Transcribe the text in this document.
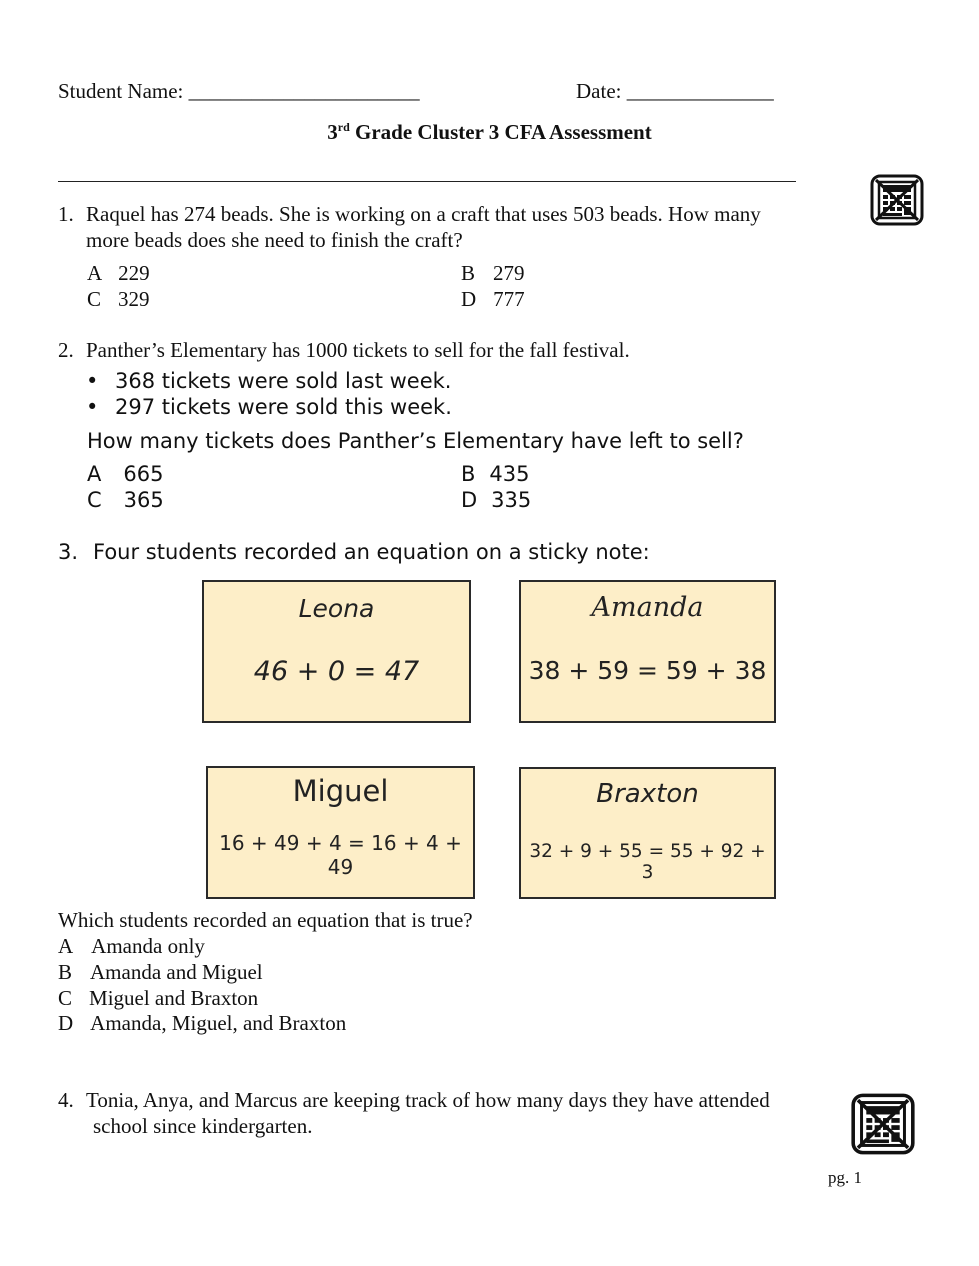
Student Name: ______________________	Date: ______________
3rd Grade Cluster 3 CFA Assessment
1. Raquel has 274 beads. She is working on a craft that uses 503 beads. How many
more beads does she need to finish the craft?
A 229	B 279
C 329	D 777
2. Panther’s Elementary has 1000 tickets to sell for the fall festival.
• 368 tickets were sold last week.
• 297 tickets were sold this week.
How many tickets does Panther’s Elementary have left to sell?
A 665	B 435
C 365	D 335
3. Four students recorded an equation on a sticky note:
Leona
46 + 0 = 47
Amanda
38 + 59 = 59 + 38
Miguel
16 + 49 + 4 = 16 + 4 + 49
Braxton
32 + 9 + 55 = 55 + 92 + 3
Which students recorded an equation that is true?
A Amanda only
B Amanda and Miguel
C Miguel and Braxton
D Amanda, Miguel, and Braxton
4. Tonia, Anya, and Marcus are keeping track of how many days they have attended
school since kindergarten.
pg. 1
